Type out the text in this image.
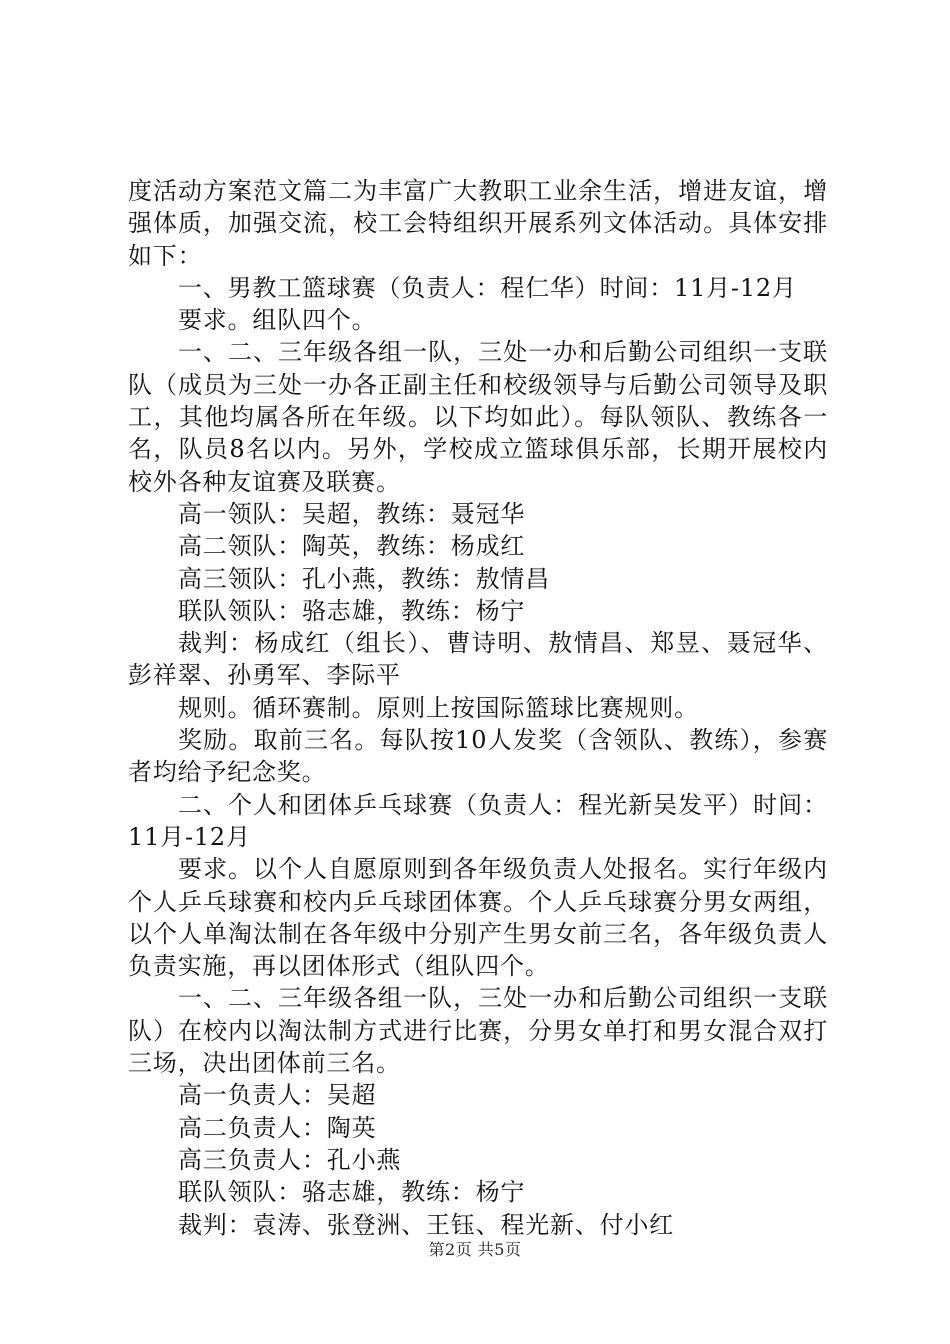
度活动方案范文篇二为丰富广大教职工业余生活，增进友谊，增强体质，加强交流，校工会特组织开展系列文体活动。具体安排如下：

一、男教工篮球赛（负责人：程仁华）时间：11月-12月

要求。组队四个。

一、二、三年级各组一队，三处一办和后勤公司组织一支联队（成员为三处一办各正副主任和校级领导与后勤公司领导及职工，其他均属各所在年级。以下均如此）。每队领队、教练各一名，队员8名以内。另外，学校成立篮球俱乐部，长期开展校内校外各种友谊赛及联赛。

高一领队：吴超，教练：聂冠华

高二领队：陶英，教练：杨成红

高三领队：孔小燕，教练：敖情昌

联队领队：骆志雄，教练：杨宁

裁判：杨成红（组长）、曹诗明、敖情昌、郑昱、聂冠华、彭祥翠、孙勇军、李际平

规则。循环赛制。原则上按国际篮球比赛规则。

奖励。取前三名。每队按10人发奖（含领队、教练），参赛者均给予纪念奖。

二、个人和团体乒乓球赛（负责人：程光新吴发平）时间：11月-12月

要求。以个人自愿原则到各年级负责人处报名。实行年级内个人乒乓球赛和校内乒乓球团体赛。个人乒乓球赛分男女两组，以个人单淘汰制在各年级中分别产生男女前三名，各年级负责人负责实施，再以团体形式（组队四个。

一、二、三年级各组一队，三处一办和后勤公司组织一支联队）在校内以淘汰制方式进行比赛，分男女单打和男女混合双打三场，决出团体前三名。

高一负责人：吴超

高二负责人：陶英

高三负责人：孔小燕

联队领队：骆志雄，教练：杨宁

裁判：袁涛、张登洲、王钰、程光新、付小红

第2页 共5页
